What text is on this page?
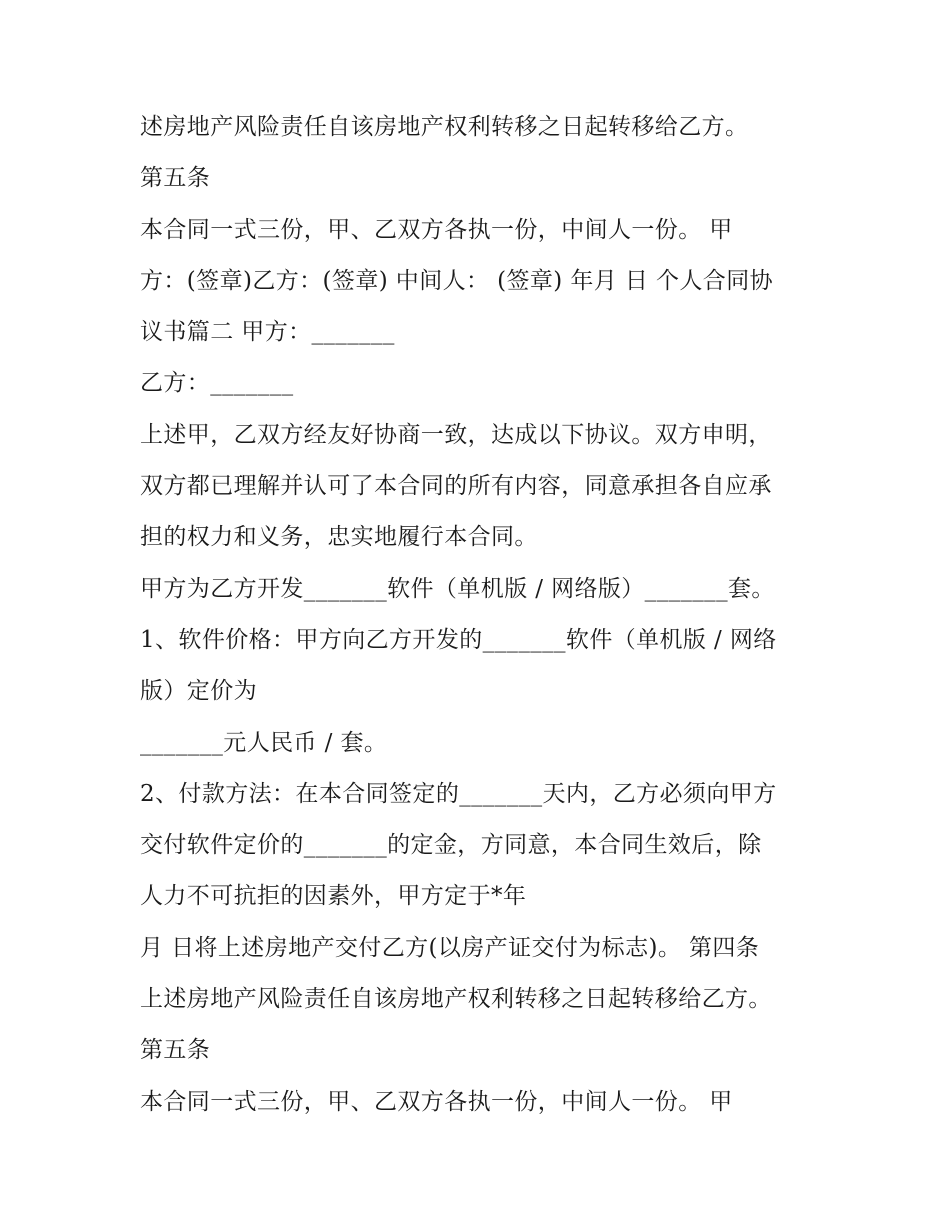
述房地产风险责任自该房地产权利转移之日起转移给乙方。
第五条
本合同一式三份，甲、乙双方各执一份，中间人一份。 甲
方：(签章)乙方：(签章) 中间人： (签章) 年月 日 个人合同协
议书篇二 甲方：_______
乙方：_______
上述甲，乙双方经友好协商一致，达成以下协议。双方申明，
双方都已理解并认可了本合同的所有内容，同意承担各自应承
担的权力和义务，忠实地履行本合同。
甲方为乙方开发_______软件（单机版 / 网络版）_______套。
1、软件价格：甲方向乙方开发的_______软件（单机版 / 网络
版）定价为
_______元人民币 / 套。
2、付款方法：在本合同签定的_______天内，乙方必须向甲方
交付软件定价的_______的定金，方同意，本合同生效后，除
人力不可抗拒的因素外，甲方定于*年
月 日将上述房地产交付乙方(以房产证交付为标志)。 第四条
上述房地产风险责任自该房地产权利转移之日起转移给乙方。
第五条
本合同一式三份，甲、乙双方各执一份，中间人一份。 甲
